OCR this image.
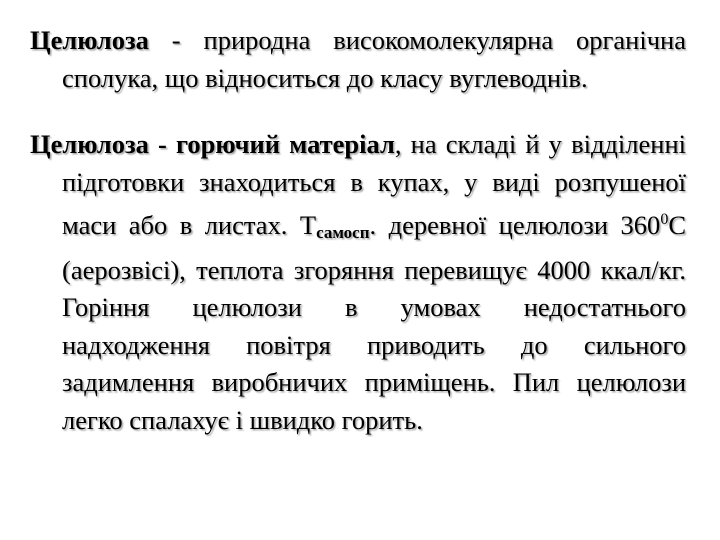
Целюлоза - природна високомолекулярна органічна сполука, що відноситься до класу вуглеводнів.

Целюлоза - горючий матеріал, на складі й у відділенні підготовки знаходиться в купах, у виді розпушеної маси або в листах. Тсамосп. деревної целюлози $360^0С$ (аерозвісі), теплота згоряння перевищує 4000 ккал/кг. Горіння целюлози в умовах недостатнього надходження повітря приводить до сильного задимлення виробничих приміщень. Пил целюлози легко спалахує і швидко горить.
